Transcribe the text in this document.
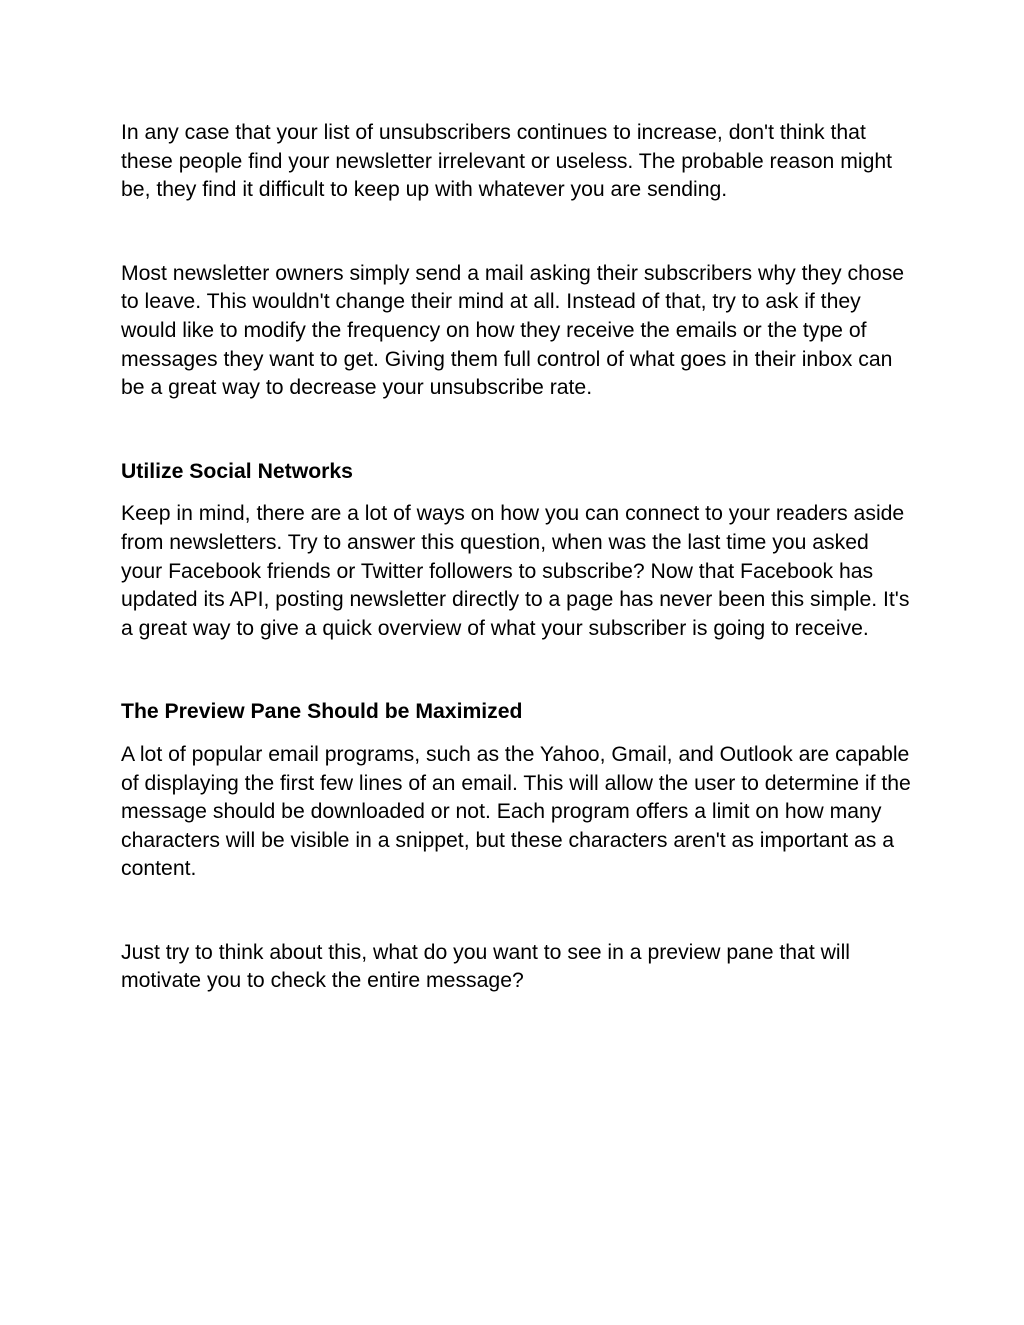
In any case that your list of unsubscribers continues to increase, don't think that these people find your newsletter irrelevant or useless. The probable reason might be, they find it difficult to keep up with whatever you are sending.

Most newsletter owners simply send a mail asking their subscribers why they chose to leave. This wouldn't change their mind at all. Instead of that, try to ask if they would like to modify the frequency on how they receive the emails or the type of messages they want to get. Giving them full control of what goes in their inbox can be a great way to decrease your unsubscribe rate.

Utilize Social Networks

Keep in mind, there are a lot of ways on how you can connect to your readers aside from newsletters. Try to answer this question, when was the last time you asked your Facebook friends or Twitter followers to subscribe? Now that Facebook has updated its API, posting newsletter directly to a page has never been this simple. It's a great way to give a quick overview of what your subscriber is going to receive.

The Preview Pane Should be Maximized

A lot of popular email programs, such as the Yahoo, Gmail, and Outlook are capable of displaying the first few lines of an email. This will allow the user to determine if the message should be downloaded or not. Each program offers a limit on how many characters will be visible in a snippet, but these characters aren't as important as a content.

Just try to think about this, what do you want to see in a preview pane that will motivate you to check the entire message?
